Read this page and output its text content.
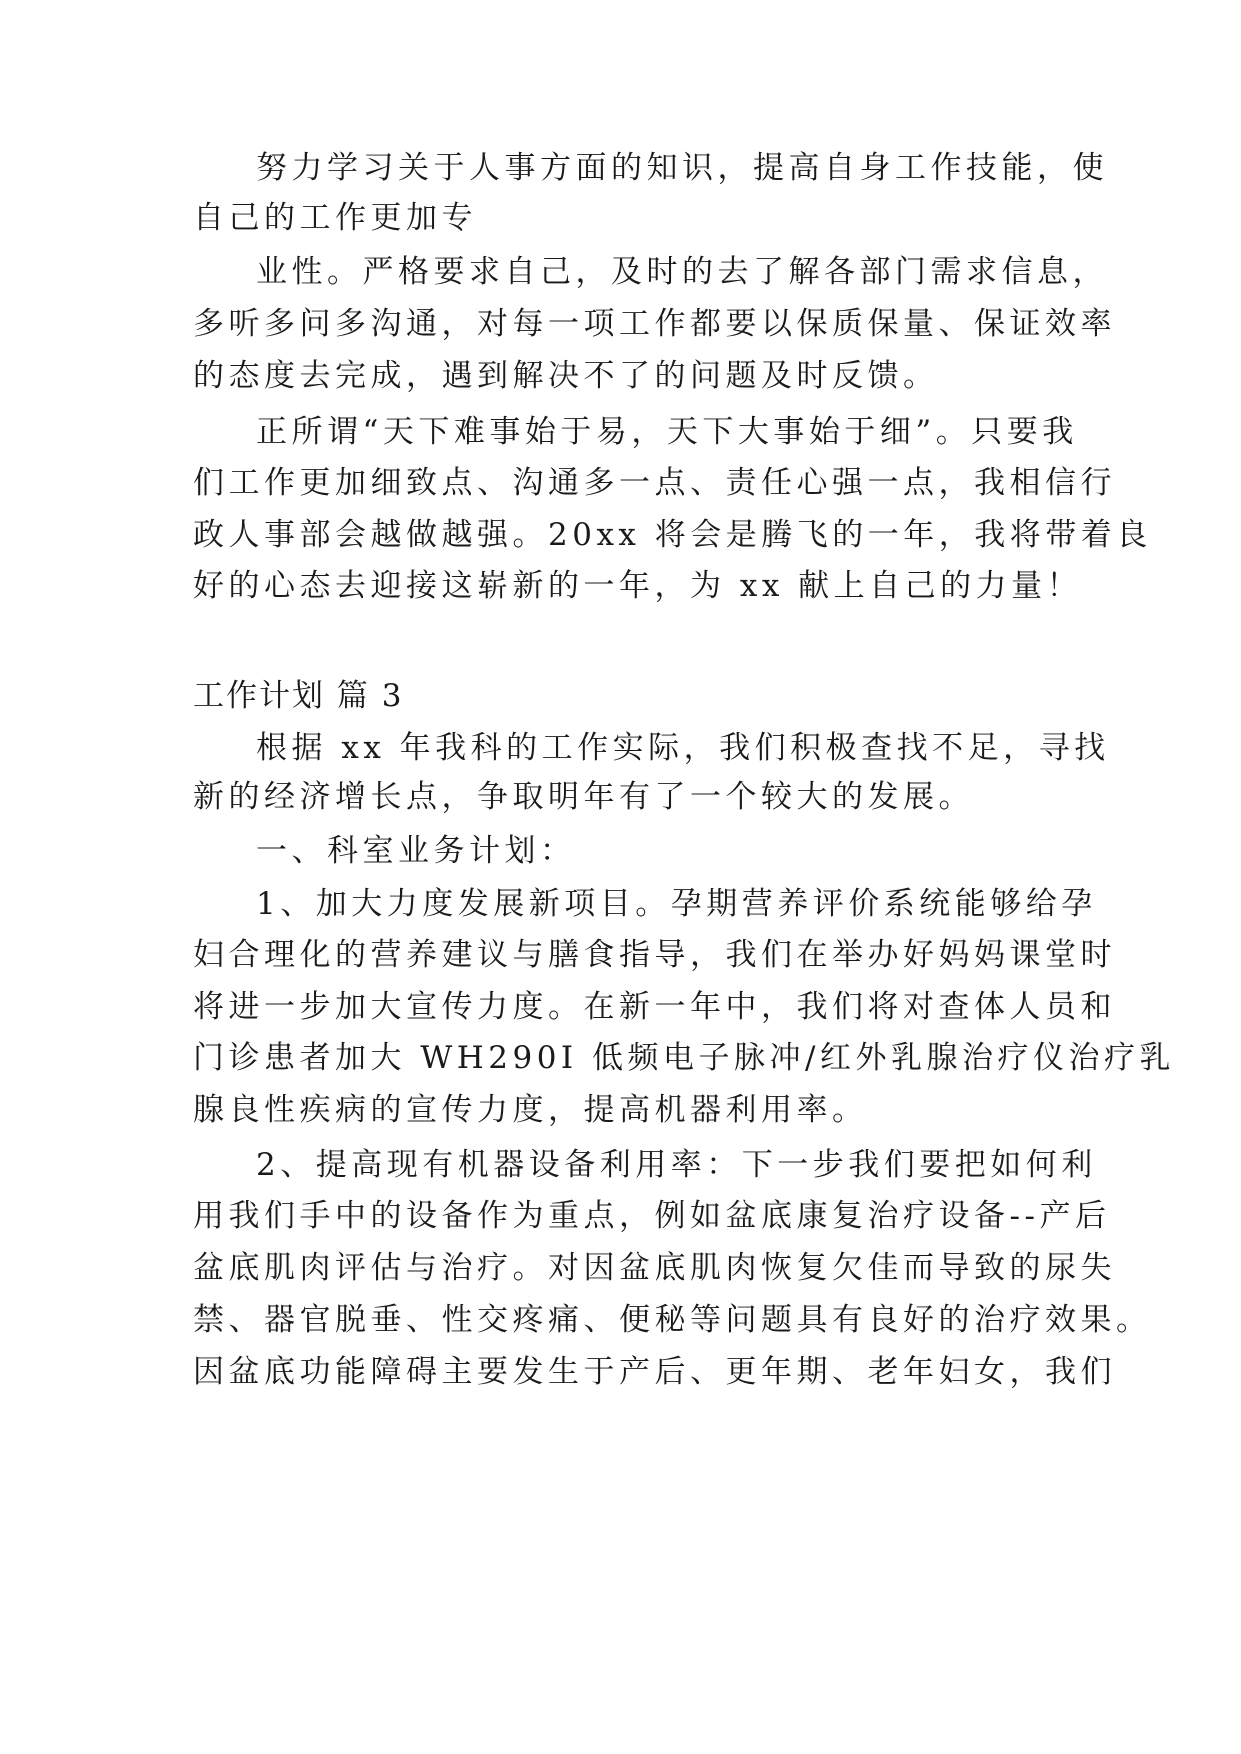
努力学习关于人事方面的知识，提高自身工作技能，使
自己的工作更加专
业性。严格要求自己，及时的去了解各部门需求信息，
多听多问多沟通，对每一项工作都要以保质保量、保证效率
的态度去完成，遇到解决不了的问题及时反馈。
正所谓“天下难事始于易，天下大事始于细”。只要我
们工作更加细致点、沟通多一点、责任心强一点，我相信行
政人事部会越做越强。20xx 将会是腾飞的一年，我将带着良
好的心态去迎接这崭新的一年，为 xx 献上自己的力量！
工作计划 篇 3
根据 xx 年我科的工作实际，我们积极查找不足，寻找
新的经济增长点，争取明年有了一个较大的发展。
一、科室业务计划：
1、加大力度发展新项目。孕期营养评价系统能够给孕
妇合理化的营养建议与膳食指导，我们在举办好妈妈课堂时
将进一步加大宣传力度。在新一年中，我们将对查体人员和
门诊患者加大 WH290I 低频电子脉冲/红外乳腺治疗仪治疗乳
腺良性疾病的宣传力度，提高机器利用率。
2、提高现有机器设备利用率：下一步我们要把如何利
用我们手中的设备作为重点，例如盆底康复治疗设备--产后
盆底肌肉评估与治疗。对因盆底肌肉恢复欠佳而导致的尿失
禁、器官脱垂、性交疼痛、便秘等问题具有良好的治疗效果。
因盆底功能障碍主要发生于产后、更年期、老年妇女，我们
